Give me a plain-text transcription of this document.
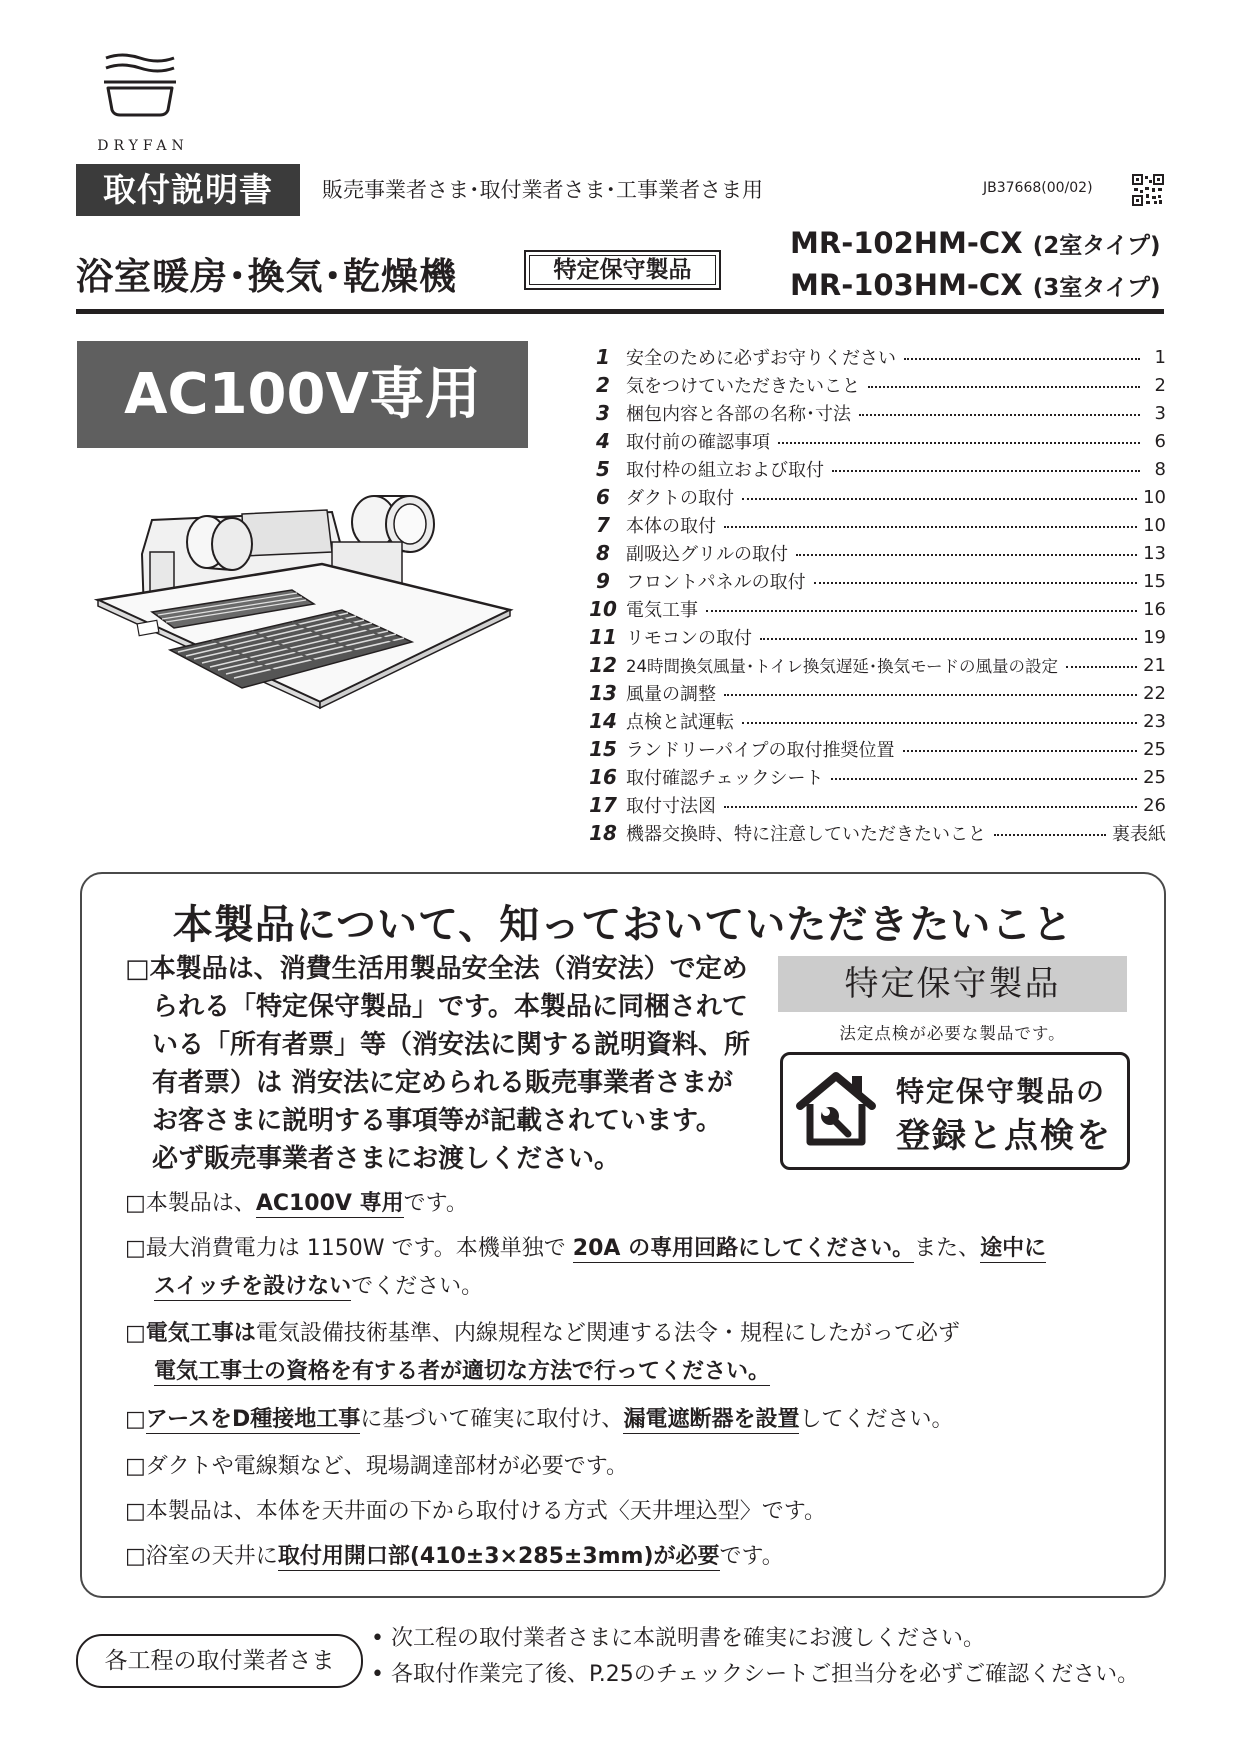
DRYFAN
取付説明書	販売事業者さま･取付業者さま･工事業者さま用	JB37668(00/02)
浴室暖房･換気･乾燥機	特定保守製品
MR-102HM-CX (2室タイプ)
MR-103HM-CX (3室タイプ)
AC100V専用
1 安全のために必ずお守りください	1
2 気をつけていただきたいこと	2
3 梱包内容と各部の名称･寸法	3
4 取付前の確認事項	6
5 取付枠の組立および取付	8
6 ダクトの取付	10
7 本体の取付	10
8 副吸込グリルの取付	13
9 フロントパネルの取付	15
10 電気工事	16
11 リモコンの取付	19
12 24時間換気風量･トイレ換気遅延･換気モードの風量の設定	21
13 風量の調整	22
14 点検と試運転	23
15 ランドリーパイプの取付推奨位置	25
16 取付確認チェックシート	25
17 取付寸法図	26
18 機器交換時、特に注意していただきたいこと	裏表紙
本製品について、知っておいていただきたいこと
□本製品は、消費生活用製品安全法（消安法）で定め
られる「特定保守製品」です。本製品に同梱されて
いる「所有者票」等（消安法に関する説明資料、所
有者票）は 消安法に定められる販売事業者さまが
お客さまに説明する事項等が記載されています。
必ず販売事業者さまにお渡しください。
特定保守製品
法定点検が必要な製品です。
特定保守製品の
登録と点検を
□本製品は、AC100V 専用です。
□最大消費電力は 1150W です。本機単独で 20A の専用回路にしてください。また、途中に
スイッチを設けないでください。
□電気工事は電気設備技術基準、内線規程など関連する法令・規程にしたがって必ず
電気工事士の資格を有する者が適切な方法で行ってください。
□アースをD種接地工事に基づいて確実に取付け、漏電遮断器を設置してください。
□ダクトや電線類など、現場調達部材が必要です。
□本製品は、本体を天井面の下から取付ける方式〈天井埋込型〉です。
□浴室の天井に取付用開口部(410±3×285±3mm)が必要です。
各工程の取付業者さま
• 次工程の取付業者さまに本説明書を確実にお渡しください。
• 各取付作業完了後、P.25のチェックシートご担当分を必ずご確認ください。
